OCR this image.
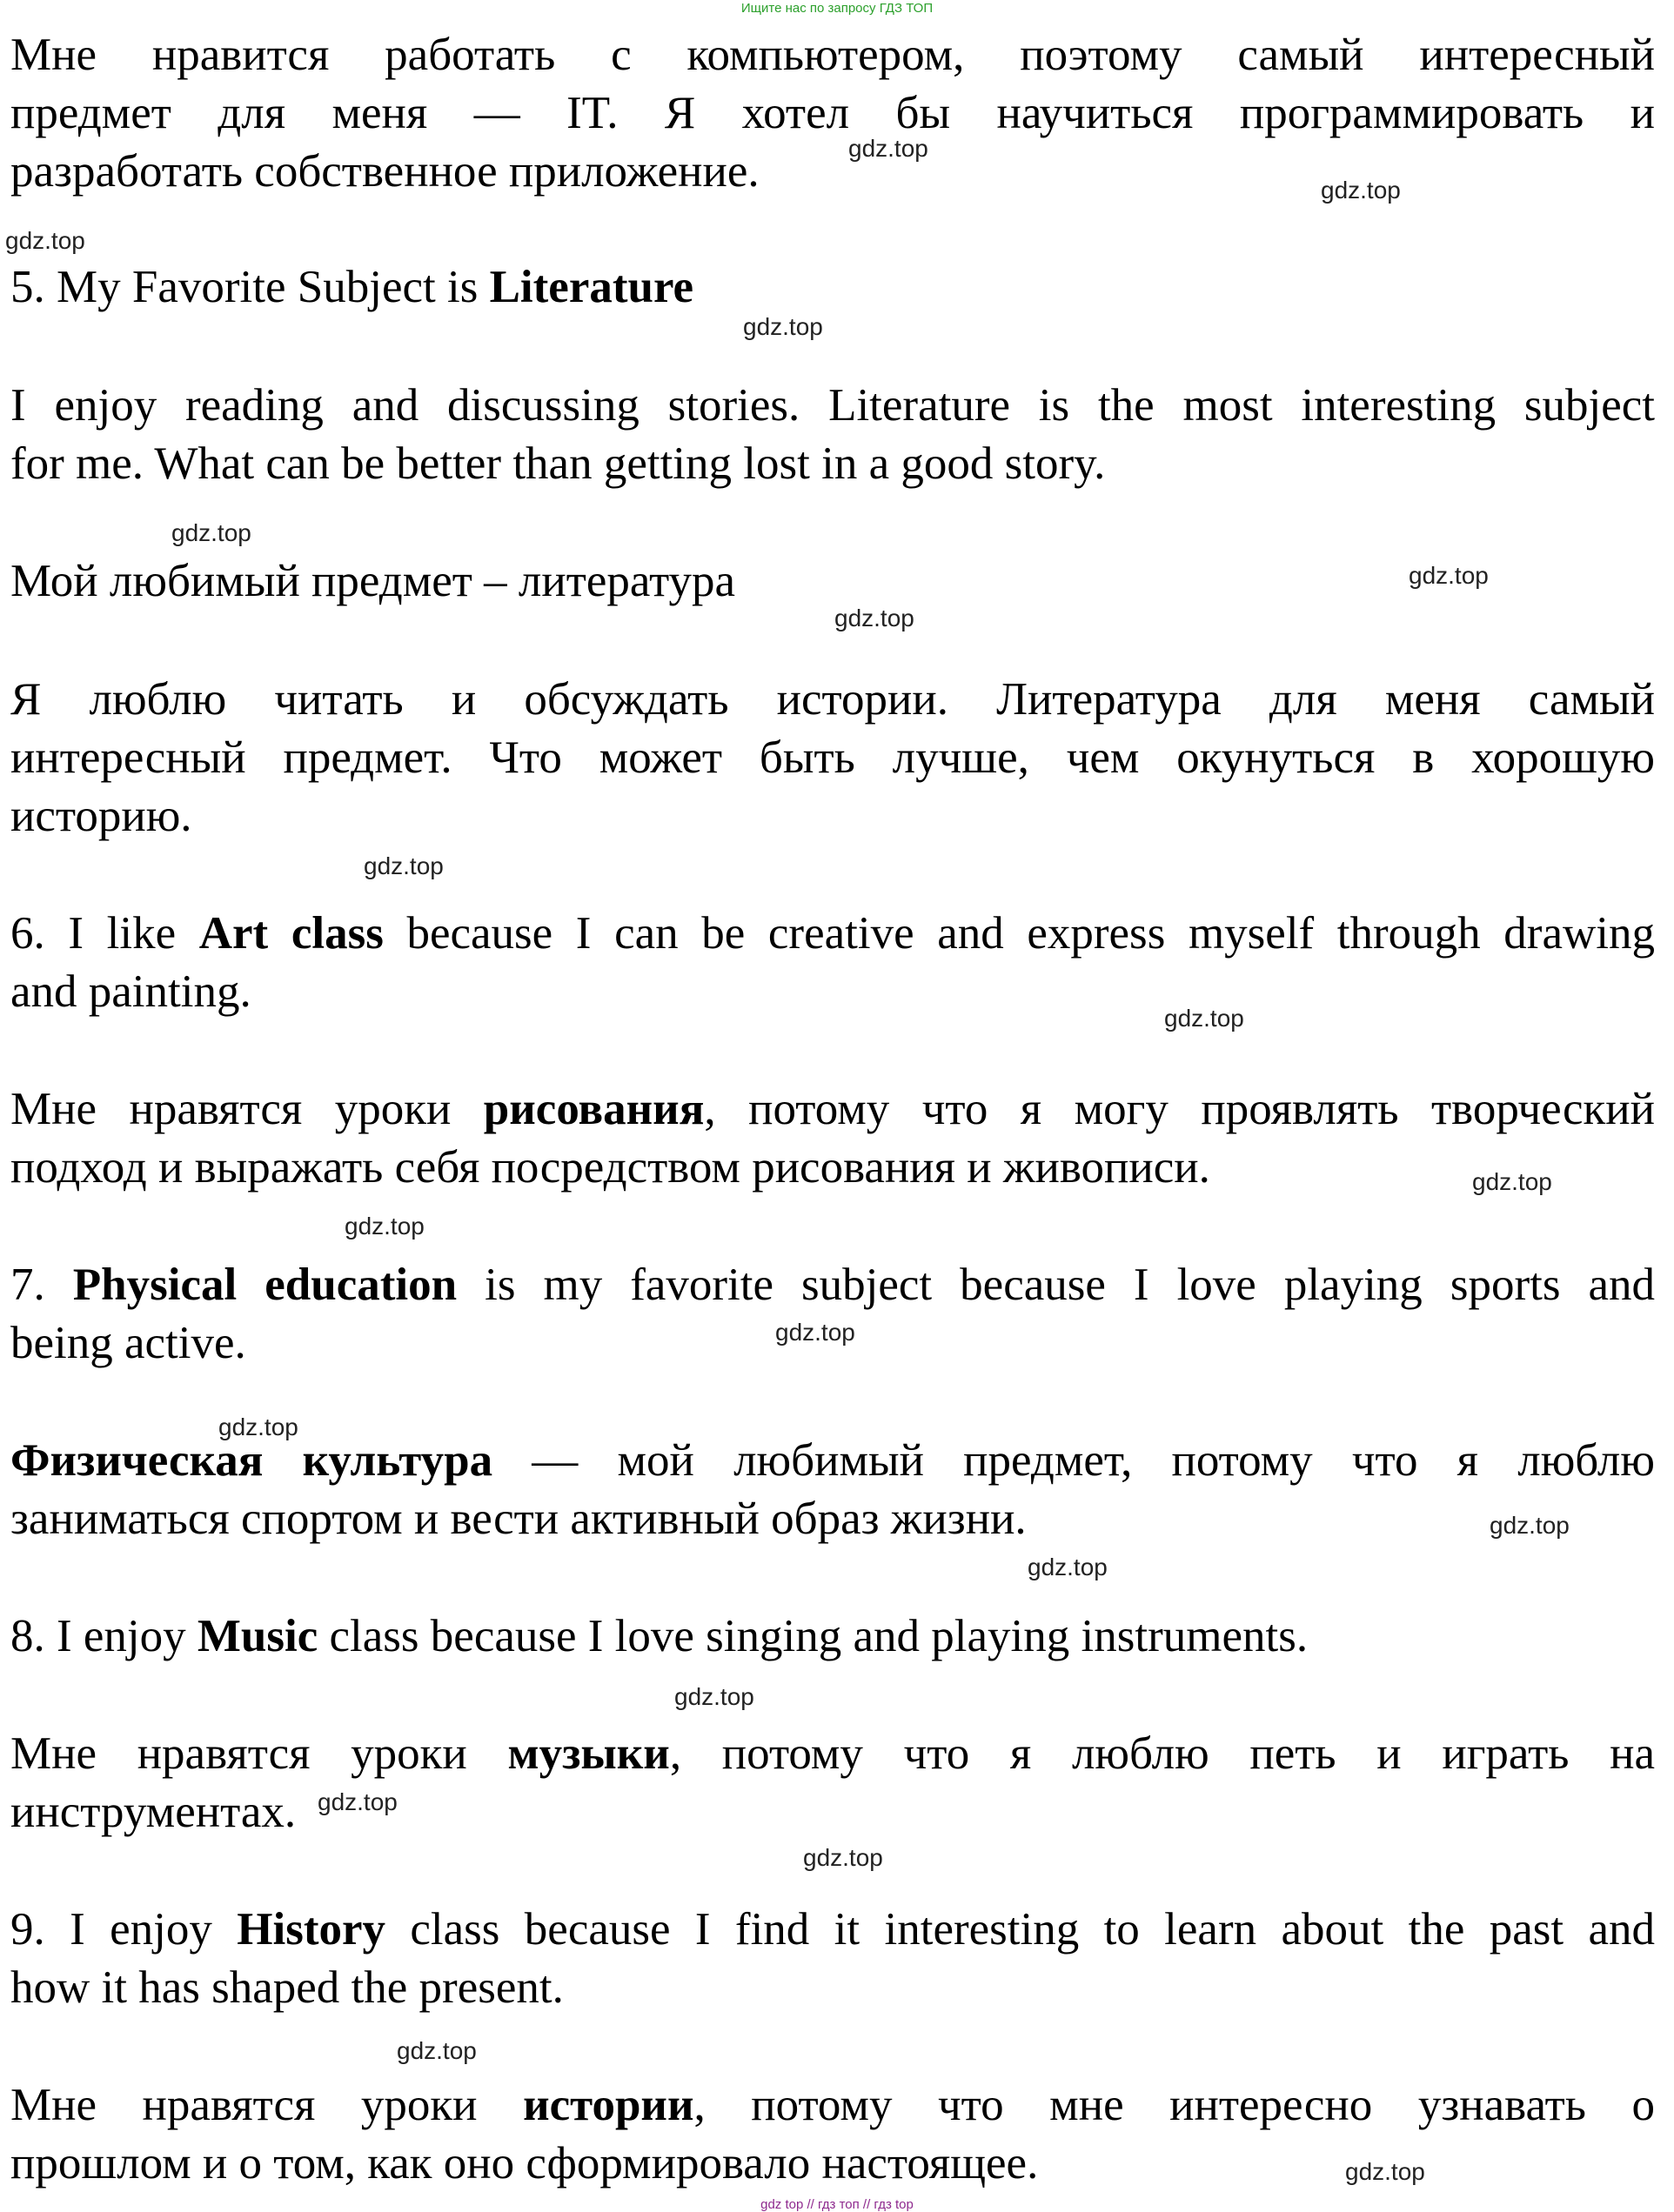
Ищите нас по запросу ГДЗ ТОП
Мне нравится работать с компьютером, поэтому самый интересный
предмет для меня — IT. Я хотел бы научиться программировать и
разработать собственное приложение.
5. My Favorite Subject is Literature
I enjoy reading and discussing stories. Literature is the most interesting subject
for me. What can be better than getting lost in a good story.
Мой любимый предмет – литература
Я люблю читать и обсуждать истории. Литература для меня самый
интересный предмет. Что может быть лучше, чем окунуться в хорошую
историю.
6. I like Art class because I can be creative and express myself through drawing
and painting.
Мне нравятся уроки рисования, потому что я могу проявлять творческий
подход и выражать себя посредством рисования и живописи.
7. Physical education is my favorite subject because I love playing sports and
being active.
Физическая культура — мой любимый предмет, потому что я люблю
заниматься спортом и вести активный образ жизни.
8. I enjoy Music class because I love singing and playing instruments.
Мне нравятся уроки музыки, потому что я люблю петь и играть на
инструментах.
9. I enjoy History class because I find it interesting to learn about the past and
how it has shaped the present.
Мне нравятся уроки истории, потому что мне интересно узнавать о
прошлом и о том, как оно сформировало настоящее.
gdz.top
gdz.top
gdz.top
gdz.top
gdz.top
gdz.top
gdz.top
gdz.top
gdz.top
gdz.top
gdz.top
gdz.top
gdz.top
gdz.top
gdz.top
gdz.top
gdz.top
gdz.top
gdz.top
gdz.top
gdz top // гдз топ // гдз top
